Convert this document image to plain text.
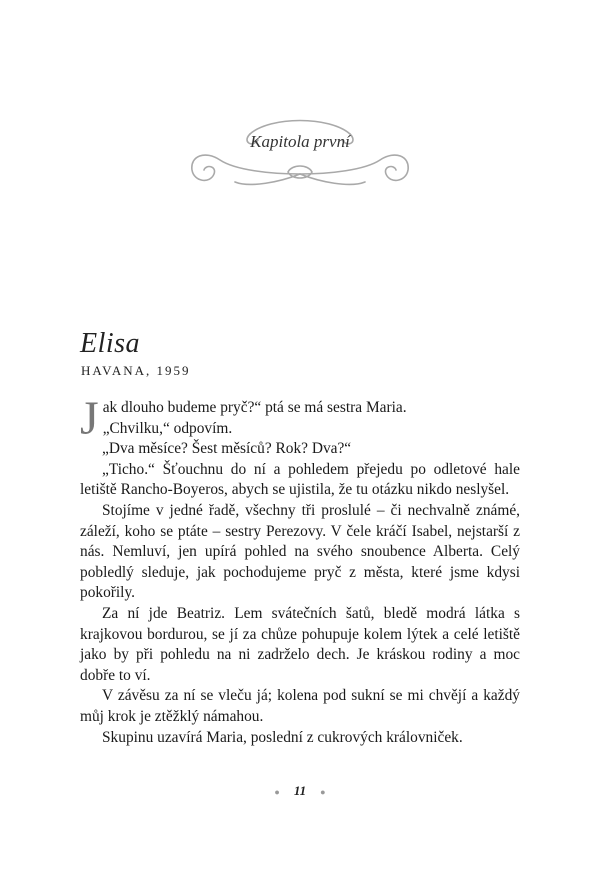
Kapitola první
Elisa
HAVANA, 1959

Jak dlouho budeme pryč?“ ptá se má sestra Maria.

„Chvilku,“ odpovím.

„Dva měsíce? Šest měsíců? Rok? Dva?“

„Ticho.“ Šťouchnu do ní a pohledem přejedu po odletové hale letiště Rancho-Boyeros, abych se ujistila, že tu otázku nikdo neslyšel.

Stojíme v jedné řadě, všechny tři proslulé – či nechvalně známé, záleží, koho se ptáte – sestry Perezovy. V čele kráčí Isabel, nejstarší z nás. Nemluví, jen upírá pohled na svého snoubence Alberta. Celý pobledlý sleduje, jak pochodujeme pryč z města, které jsme kdysi pokořily.

Za ní jde Beatriz. Lem svátečních šatů, bledě modrá látka s krajkovou bordurou, se jí za chůze pohupuje kolem lýtek a celé letiště jako by při pohledu na ni zadrželo dech. Je kráskou rodiny a moc dobře to ví.

V závěsu za ní se vleču já; kolena pod sukní se mi chvějí a každý můj krok je ztěžklý námahou.

Skupinu uzavírá Maria, poslední z cukrových královniček.

● 11 ●
